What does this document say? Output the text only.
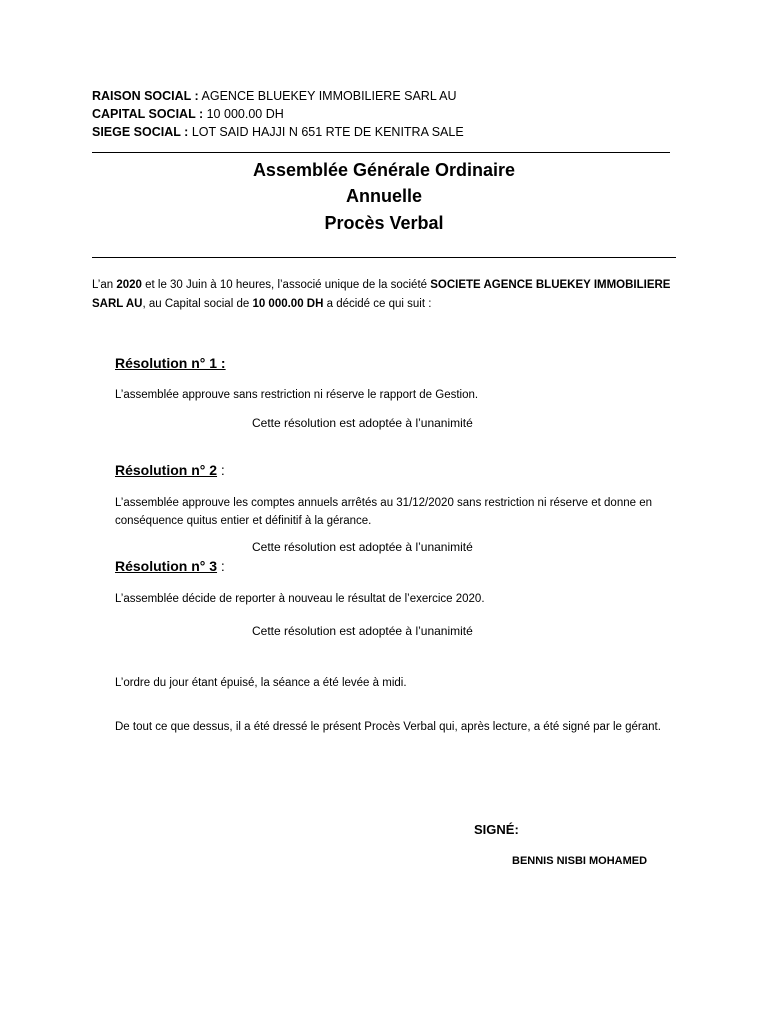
RAISON SOCIAL : AGENCE BLUEKEY IMMOBILIERE SARL AU
CAPITAL SOCIAL : 10 000.00 DH
SIEGE SOCIAL : LOT SAID HAJJI N 651 RTE DE KENITRA SALE
Assemblée Générale Ordinaire
Annuelle
Procès Verbal
L’an 2020 et le 30 Juin à 10 heures, l’associé unique de la société SOCIETE AGENCE BLUEKEY IMMOBILIERE SARL AU, au Capital social de 10 000.00 DH a décidé ce qui suit :
Résolution n° 1 :
L’assemblée approuve sans restriction ni réserve le rapport de Gestion.
Cette résolution est adoptée à l’unanimité
Résolution n° 2 :
L’assemblée approuve les comptes annuels arrêtés au 31/12/2020 sans restriction ni réserve et donne en conséquence quitus entier et définitif à la gérance.
Cette résolution est adoptée à l’unanimité
Résolution n° 3 :
L’assemblée décide de reporter à nouveau le résultat de l’exercice 2020.
Cette résolution est adoptée à l’unanimité
L’ordre du jour étant épuisé, la séance a été levée à midi.
De tout ce que dessus, il a été dressé le présent Procès Verbal qui, après lecture, a été signé par le gérant.
SIGNÉ:
BENNIS NISBI MOHAMED
